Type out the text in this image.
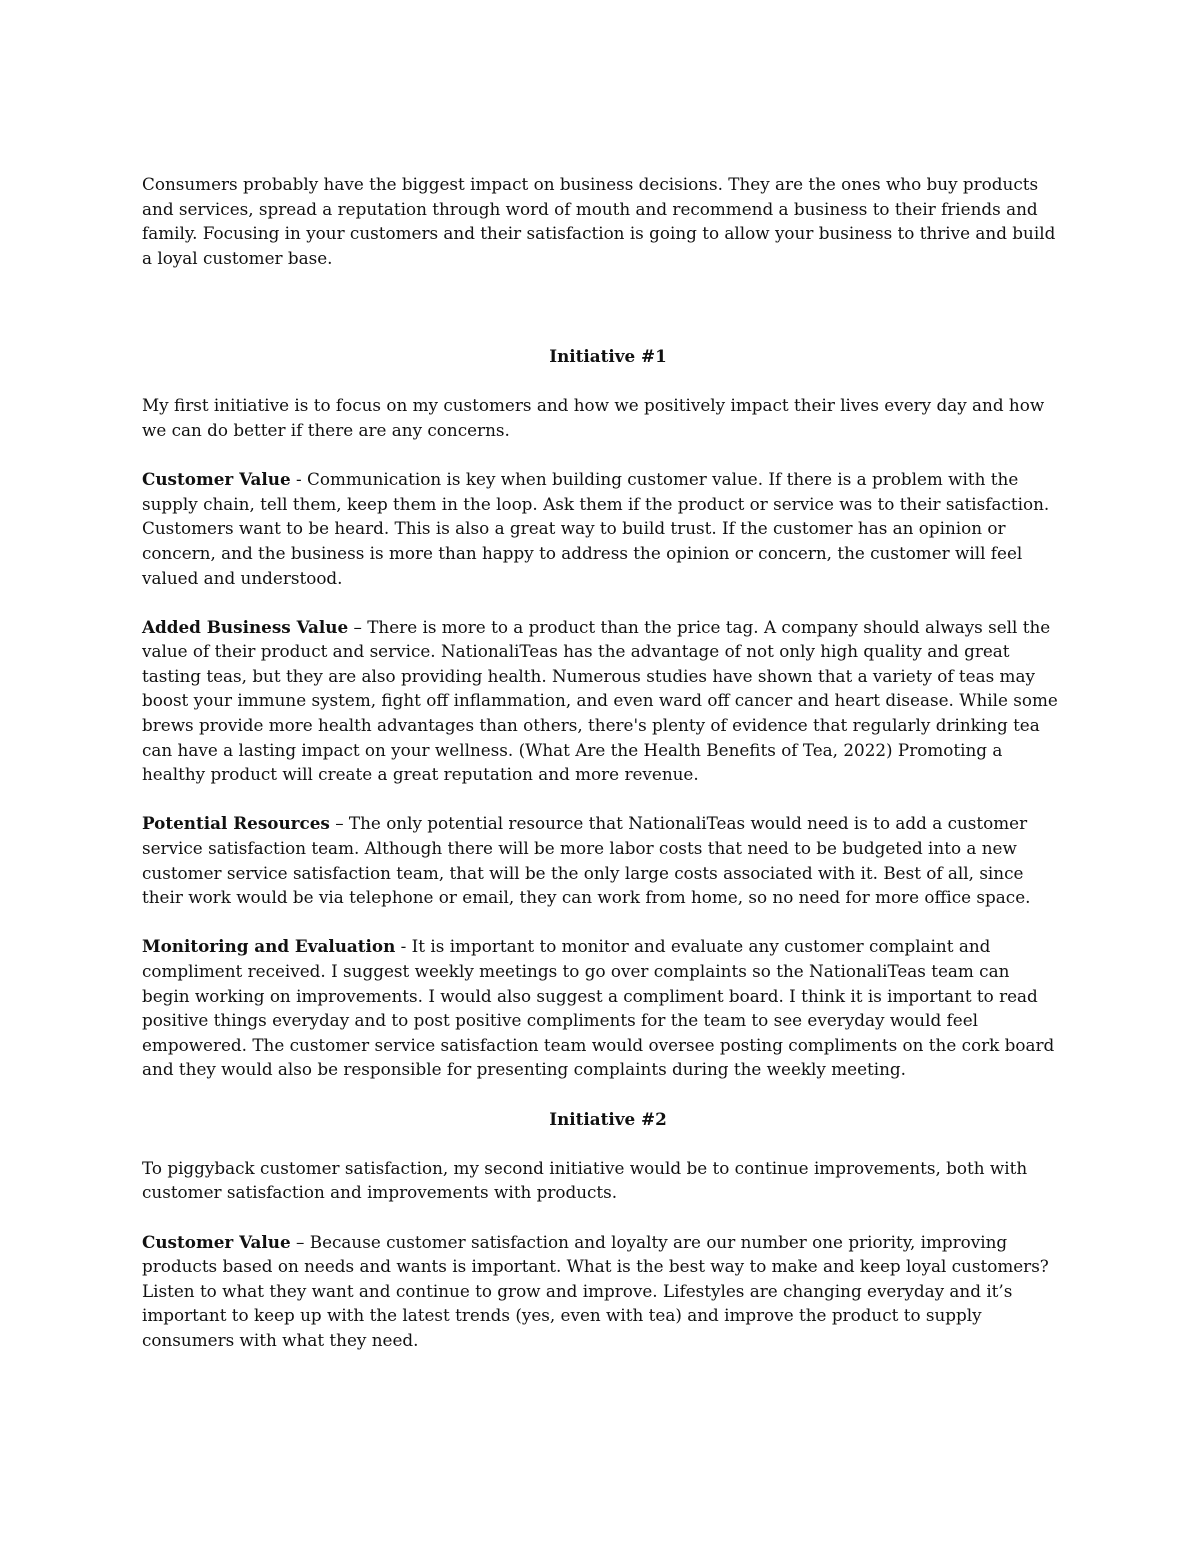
Consumers probably have the biggest impact on business decisions. They are the ones who buy products and services, spread a reputation through word of mouth and recommend a business to their friends and family. Focusing in your customers and their satisfaction is going to allow your business to thrive and build a loyal customer base.

Initiative #1

My first initiative is to focus on my customers and how we positively impact their lives every day and how we can do better if there are any concerns.

Customer Value - Communication is key when building customer value. If there is a problem with the supply chain, tell them, keep them in the loop. Ask them if the product or service was to their satisfaction. Customers want to be heard. This is also a great way to build trust. If the customer has an opinion or concern, and the business is more than happy to address the opinion or concern, the customer will feel valued and understood.

Added Business Value – There is more to a product than the price tag. A company should always sell the value of their product and service. NationaliTeas has the advantage of not only high quality and great tasting teas, but they are also providing health. Numerous studies have shown that a variety of teas may boost your immune system, fight off inflammation, and even ward off cancer and heart disease. While some brews provide more health advantages than others, there's plenty of evidence that regularly drinking tea can have a lasting impact on your wellness. (What Are the Health Benefits of Tea, 2022) Promoting a healthy product will create a great reputation and more revenue.

Potential Resources – The only potential resource that NationaliTeas would need is to add a customer service satisfaction team. Although there will be more labor costs that need to be budgeted into a new customer service satisfaction team, that will be the only large costs associated with it. Best of all, since their work would be via telephone or email, they can work from home, so no need for more office space.

Monitoring and Evaluation - It is important to monitor and evaluate any customer complaint and compliment received. I suggest weekly meetings to go over complaints so the NationaliTeas team can begin working on improvements. I would also suggest a compliment board. I think it is important to read positive things everyday and to post positive compliments for the team to see everyday would feel empowered. The customer service satisfaction team would oversee posting compliments on the cork board and they would also be responsible for presenting complaints during the weekly meeting.

Initiative #2

To piggyback customer satisfaction, my second initiative would be to continue improvements, both with customer satisfaction and improvements with products.

Customer Value – Because customer satisfaction and loyalty are our number one priority, improving products based on needs and wants is important. What is the best way to make and keep loyal customers? Listen to what they want and continue to grow and improve. Lifestyles are changing everyday and it’s important to keep up with the latest trends (yes, even with tea) and improve the product to supply consumers with what they need.
